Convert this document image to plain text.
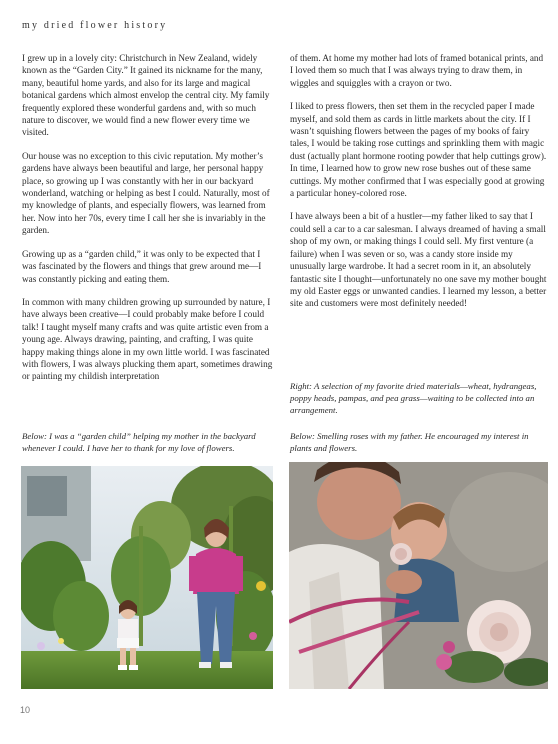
my dried flower history

I grew up in a lovely city: Christchurch in New Zealand, widely known as the “Garden City.” It gained its nickname for the many, many, beautiful home yards, and also for its large and magical botanical gardens which almost envelop the central city. My family frequently explored these wonderful gardens and, with so much nature to discover, we would find a new flower every time we visited.

Our house was no exception to this civic reputation. My mother’s gardens have always been beautiful and large, her personal happy place, so growing up I was constantly with her in our backyard wonderland, watching or helping as best I could. Naturally, most of my knowledge of plants, and especially flowers, was learned from her. Now into her 70s, every time I call her she is invariably in the garden.

Growing up as a “garden child,” it was only to be expected that I was fascinated by the flowers and things that grew around me—I was constantly picking and eating them.

In common with many children growing up surrounded by nature, I have always been creative—I could probably make before I could talk! I taught myself many crafts and was quite artistic even from a young age. Always drawing, painting, and crafting, I was quite happy making things alone in my own little world. I was fascinated with flowers, I was always plucking them apart, sometimes drawing or painting my childish interpretation

of them. At home my mother had lots of framed botanical prints, and I loved them so much that I was always trying to draw them, in wiggles and squiggles with a crayon or two.

I liked to press flowers, then set them in the recycled paper I made myself, and sold them as cards in little markets about the city. If I wasn’t squishing flowers between the pages of my books of fairy tales, I would be taking rose cuttings and sprinkling them with magic dust (actually plant hormone rooting powder that help cuttings grow). In time, I learned how to grow new rose bushes out of these same cuttings. My mother confirmed that I was especially good at growing a particular honey-colored rose.

I have always been a bit of a hustler—my father liked to say that I could sell a car to a car salesman. I always dreamed of having a small shop of my own, or making things I could sell. My first venture (a failure) when I was seven or so, was a candy store inside my unusually large wardrobe. It had a secret room in it, an absolutely fantastic site I thought—unfortunately no one save my mother bought my old Easter eggs or unwanted candies. I learned my lesson, a better site and customers were most definitely needed!

Right: A selection of my favorite dried materials—wheat, hydrangeas, poppy heads, pampas, and pea grass—waiting to be collected into an arrangement.
Below: I was a “garden child” helping my mother in the backyard whenever I could. I have her to thank for my love of flowers.
Below: Smelling roses with my father. He encouraged my interest in plants and flowers.
10
